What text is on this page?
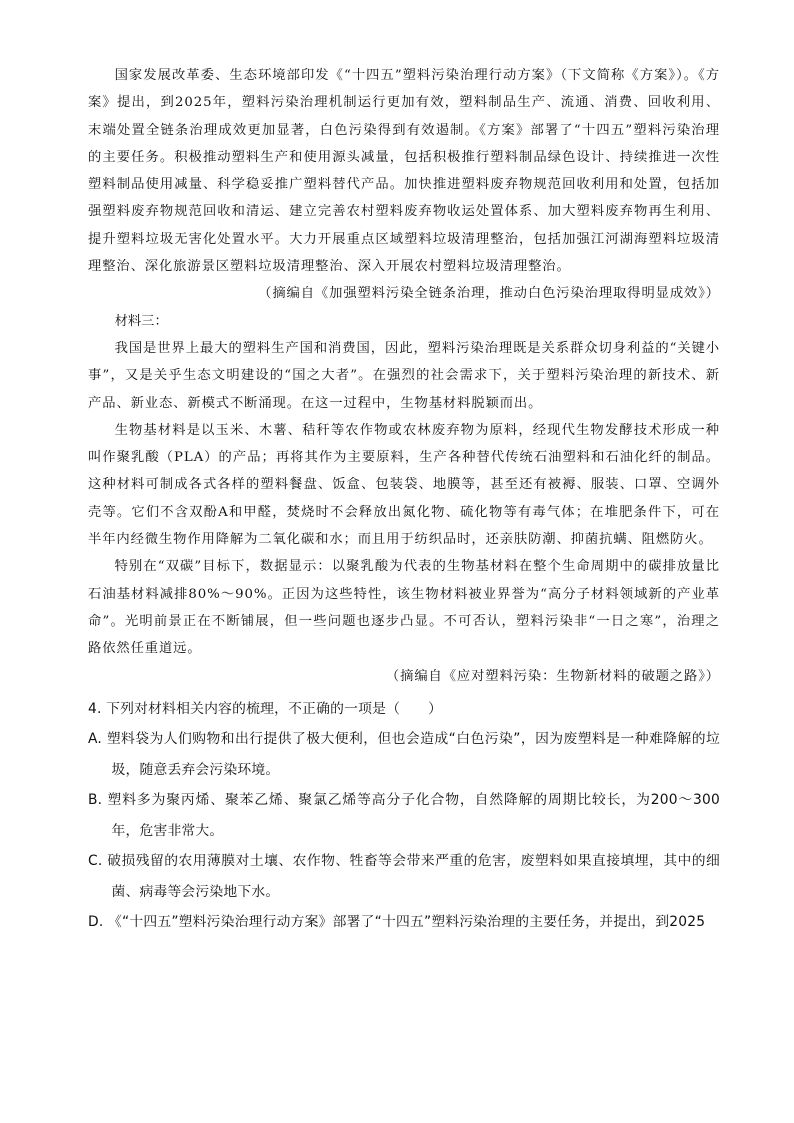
国家发展改革委、生态环境部印发《“十四五”塑料污染治理行动方案》（下文简称《方案》）。《方案》提出，到2025年，塑料污染治理机制运行更加有效，塑料制品生产、流通、消费、回收利用、末端处置全链条治理成效更加显著，白色污染得到有效遏制。《方案》部署了“十四五”塑料污染治理的主要任务。积极推动塑料生产和使用源头减量，包括积极推行塑料制品绿色设计、持续推进一次性塑料制品使用减量、科学稳妥推广塑料替代产品。加快推进塑料废弃物规范回收利用和处置，包括加强塑料废弃物规范回收和清运、建立完善农村塑料废弃物收运处置体系、加大塑料废弃物再生利用、提升塑料垃圾无害化处置水平。大力开展重点区域塑料垃圾清理整治，包括加强江河湖海塑料垃圾清理整治、深化旅游景区塑料垃圾清理整治、深入开展农村塑料垃圾清理整治。

（摘编自《加强塑料污染全链条治理，推动白色污染治理取得明显成效》）

材料三：

我国是世界上最大的塑料生产国和消费国，因此，塑料污染治理既是关系群众切身利益的“关键小事”，又是关乎生态文明建设的“国之大者”。在强烈的社会需求下，关于塑料污染治理的新技术、新产品、新业态、新模式不断涌现。在这一过程中，生物基材料脱颖而出。

生物基材料是以玉米、木薯、秸秆等农作物或农林废弃物为原料，经现代生物发酵技术形成一种叫作聚乳酸（PLA）的产品；再将其作为主要原料，生产各种替代传统石油塑料和石油化纤的制品。这种材料可制成各式各样的塑料餐盘、饭盒、包装袋、地膜等，甚至还有被褥、服装、口罩、空调外壳等。它们不含双酚A和甲醛，焚烧时不会释放出氮化物、硫化物等有毒气体；在堆肥条件下，可在半年内经微生物作用降解为二氧化碳和水；而且用于纺织品时，还亲肤防潮、抑菌抗螨、阻燃防火。

特别在“双碳”目标下，数据显示：以聚乳酸为代表的生物基材料在整个生命周期中的碳排放量比石油基材料减排80%～90%。正因为这些特性，该生物材料被业界誉为“高分子材料领域新的产业革命”。光明前景正在不断铺展，但一些问题也逐步凸显。不可否认，塑料污染非“一日之寒”，治理之路依然任重道远。

（摘编自《应对塑料污染：生物新材料的破题之路》）

4. 下列对材料相关内容的梳理，不正确的一项是（　　）

A. 塑料袋为人们购物和出行提供了极大便利，但也会造成“白色污染”，因为废塑料是一种难降解的垃圾，随意丢弃会污染环境。

B. 塑料多为聚丙烯、聚苯乙烯、聚氯乙烯等高分子化合物，自然降解的周期比较长，为200～300年，危害非常大。

C. 破损残留的农用薄膜对土壤、农作物、牲畜等会带来严重的危害，废塑料如果直接填埋，其中的细菌、病毒等会污染地下水。

D. 《“十四五”塑料污染治理行动方案》部署了“十四五”塑料污染治理的主要任务，并提出，到2025
